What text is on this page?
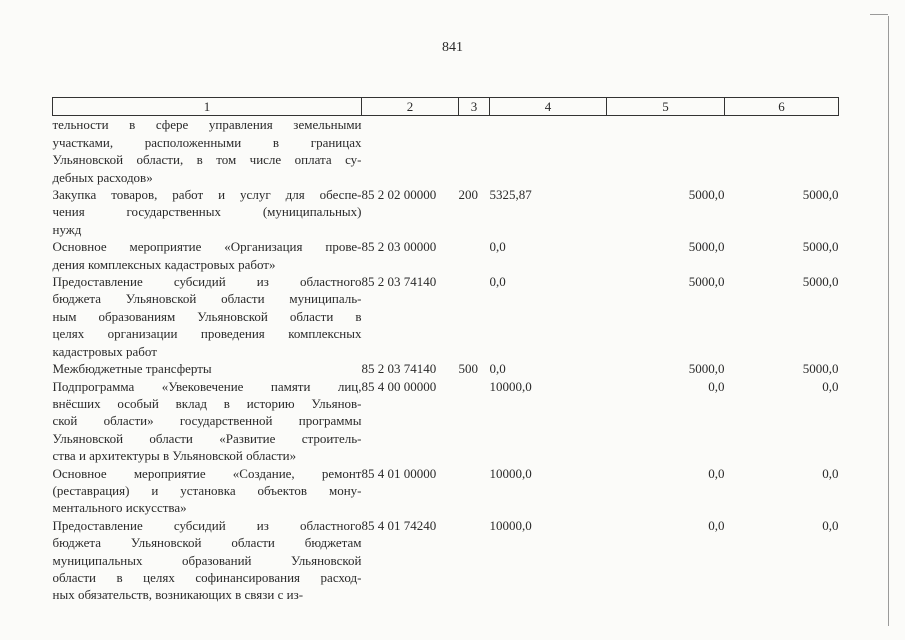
841
1	2	3	4	5	6

тельности в сфере управления земельными
участками, расположенными в границах
Ульяновской области, в том числе оплата су-
дебных расходов»					

Закупка товаров, работ и услуг для обеспе-
чения государственных (муниципальных)
нужд	85 2 02 00000	200	5325,87	5000,0	5000,0

Основное мероприятие «Организация прове-
дения комплексных кадастровых работ»	85 2 03 00000		0,0	5000,0	5000,0

Предоставление субсидий из областного
бюджета Ульяновской области муниципаль-
ным образованиям Ульяновской области в
целях организации проведения комплексных
кадастровых работ	85 2 03 74140		0,0	5000,0	5000,0

Межбюджетные трансферты	85 2 03 74140	500	0,0	5000,0	5000,0

Подпрограмма «Увековечение памяти лиц,
внёсших особый вклад в историю Ульянов-
ской области» государственной программы
Ульяновской области «Развитие строитель-
ства и архитектуры в Ульяновской области»	85 4 00 00000		10000,0	0,0	0,0

Основное мероприятие «Создание, ремонт
(реставрация) и установка объектов мону-
ментального искусства»	85 4 01 00000		10000,0	0,0	0,0

Предоставление субсидий из областного
бюджета Ульяновской области бюджетам
муниципальных образований Ульяновской
области в целях софинансирования расход-
ных обязательств, возникающих в связи с из-	85 4 01 74240		10000,0	0,0	0,0
